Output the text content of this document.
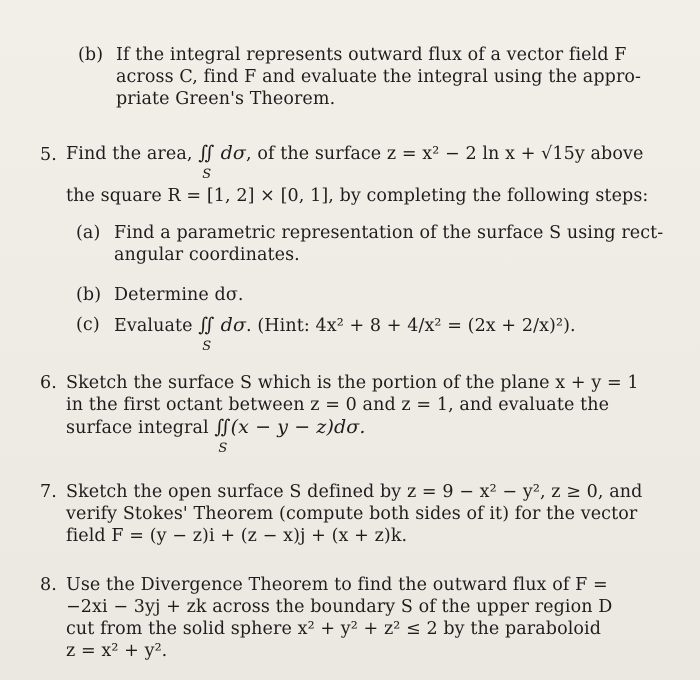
(b) If the integral represents outward flux of a vector field F
across C, find F and evaluate the integral using the appro-
priate Green's Theorem.
5. Find the area, ∬ dσ
S
, of the surface z = x² − 2 ln x + √15y above
the square R = [1, 2] × [0, 1], by completing the following steps:
(a) Find a parametric representation of the surface S using rect-
angular coordinates.
(b) Determine dσ.
(c) Evaluate ∬ dσ
S
. (Hint: 4x² + 8 + 4/x² = (2x + 2/x)²).
6. Sketch the surface S which is the portion of the plane x + y = 1
in the first octant between z = 0 and z = 1, and evaluate the
surface integral ∬(x − y − z)dσ.
S
7. Sketch the open surface S defined by z = 9 − x² − y², z ≥ 0, and
verify Stokes' Theorem (compute both sides of it) for the vector
field F = (y − z)i + (z − x)j + (x + z)k.
8. Use the Divergence Theorem to find the outward flux of F =
−2xi − 3yj + zk across the boundary S of the upper region D
cut from the solid sphere x² + y² + z² ≤ 2 by the paraboloid
z = x² + y².
